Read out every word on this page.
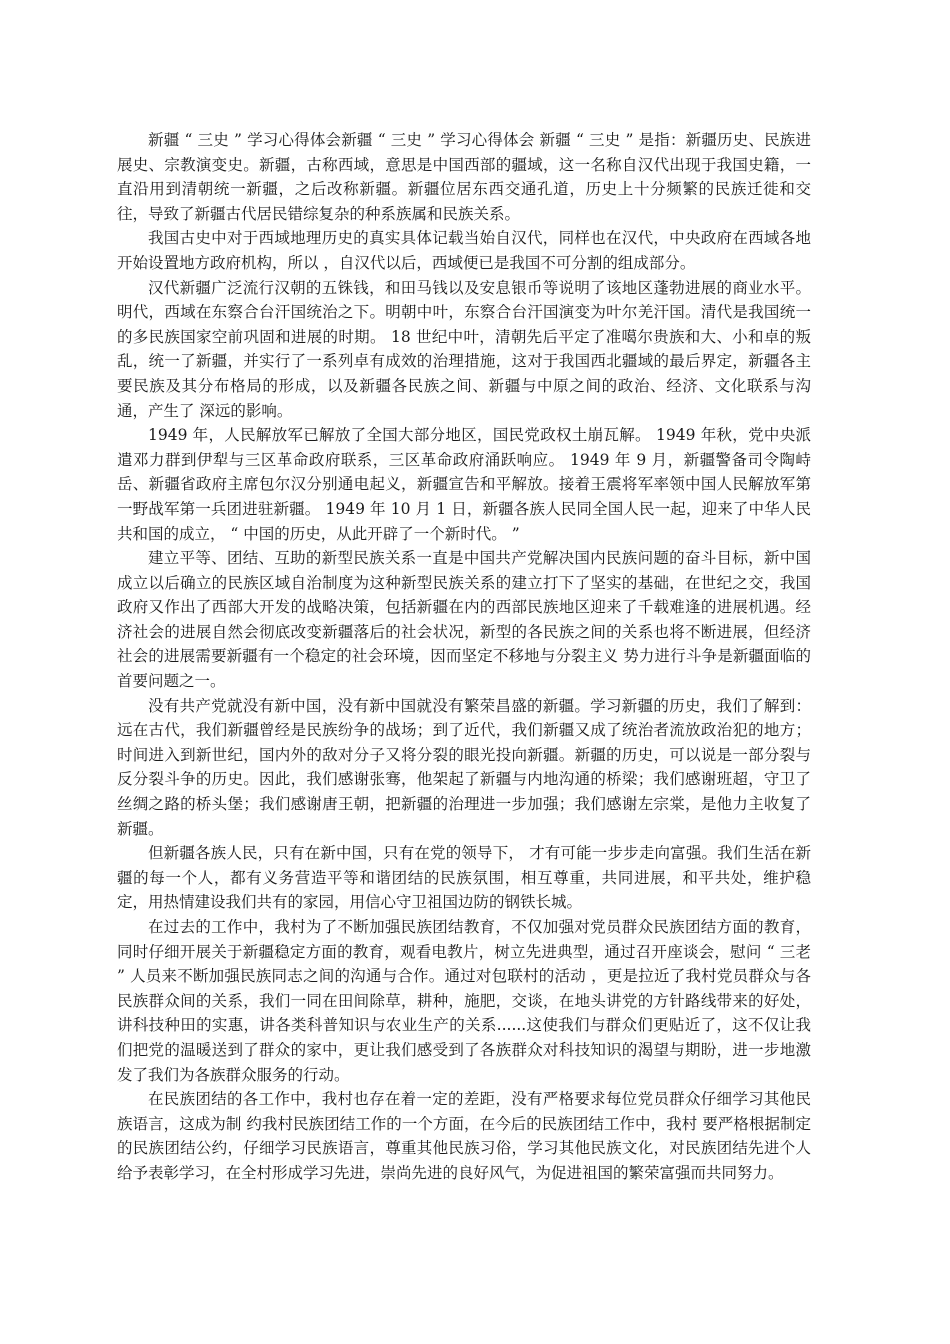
新疆 “ 三史 ” 学习心得体会新疆 “ 三史 ” 学习心得体会 新疆 “ 三史 ” 是指：新疆历史、民族进展史、宗教演变史。新疆，古称西域，意思是中国西部的疆域，这一名称自汉代出现于我国史籍，一直沿用到清朝统一新疆，之后改称新疆。新疆位居东西交通孔道，历史上十分频繁的民族迁徙和交往，导致了新疆古代居民错综复杂的种系族属和民族关系。

我国古史中对于西域地理历史的真实具体记载当始自汉代，同样也在汉代，中央政府在西域各地开始设置地方政府机构，所以 ，自汉代以后，西域便已是我国不可分割的组成部分。

汉代新疆广泛流行汉朝的五铢钱，和田马钱以及安息银币等说明了该地区蓬勃进展的商业水平。明代，西域在东察合台汗国统治之下。明朝中叶，东察合台汗国演变为叶尔羌汗国。清代是我国统一的多民族国家空前巩固和进展的时期。 18 世纪中叶，清朝先后平定了准噶尔贵族和大、小和卓的叛乱，统一了新疆，并实行了一系列卓有成效的治理措施，这对于我国西北疆域的最后界定，新疆各主要民族及其分布格局的形成，以及新疆各民族之间、新疆与中原之间的政治、经济、文化联系与沟通，产生了 深远的影响。

1949 年，人民解放军已解放了全国大部分地区，国民党政权土崩瓦解。 1949 年秋，党中央派遣邓力群到伊犁与三区革命政府联系，三区革命政府涌跃响应。 1949 年 9 月，新疆警备司令陶峙岳、新疆省政府主席包尔汉分别通电起义，新疆宣告和平解放。接着王震将军率领中国人民解放军第一野战军第一兵团进驻新疆。 1949 年 10 月 1 日，新疆各族人民同全国人民一起，迎来了中华人民共和国的成立， “ 中国的历史，从此开辟了一个新时代。 ”

建立平等、团结、互助的新型民族关系一直是中国共产党解决国内民族问题的奋斗目标，新中国成立以后确立的民族区域自治制度为这种新型民族关系的建立打下了坚实的基础，在世纪之交，我国政府又作出了西部大开发的战略决策，包括新疆在内的西部民族地区迎来了千载难逢的进展机遇。经济社会的进展自然会彻底改变新疆落后的社会状况，新型的各民族之间的关系也将不断进展，但经济社会的进展需要新疆有一个稳定的社会环境，因而坚定不移地与分裂主义 势力进行斗争是新疆面临的首要问题之一。

没有共产党就没有新中国，没有新中国就没有繁荣昌盛的新疆。学习新疆的历史，我们了解到：远在古代，我们新疆曾经是民族纷争的战场；到了近代，我们新疆又成了统治者流放政治犯的地方；时间进入到新世纪，国内外的敌对分子又将分裂的眼光投向新疆。新疆的历史，可以说是一部分裂与反分裂斗争的历史。因此，我们感谢张骞，他架起了新疆与内地沟通的桥梁；我们感谢班超，守卫了丝绸之路的桥头堡；我们感谢唐王朝，把新疆的治理进一步加强；我们感谢左宗棠，是他力主收复了新疆。

但新疆各族人民，只有在新中国，只有在党的领导下， 才有可能一步步走向富强。我们生活在新疆的每一个人，都有义务营造平等和谐团结的民族氛围，相互尊重，共同进展，和平共处，维护稳定，用热情建设我们共有的家园，用信心守卫祖国边防的钢铁长城。

在过去的工作中，我村为了不断加强民族团结教育，不仅加强对党员群众民族团结方面的教育，同时仔细开展关于新疆稳定方面的教育，观看电教片，树立先进典型，通过召开座谈会，慰问 “ 三老 ” 人员来不断加强民族同志之间的沟通与合作。通过对包联村的活动 ，更是拉近了我村党员群众与各民族群众间的关系，我们一同在田间除草，耕种，施肥，交谈，在地头讲党的方针路线带来的好处，讲科技种田的实惠，讲各类科普知识与农业生产的关系......这使我们与群众们更贴近了，这不仅让我们把党的温暖送到了群众的家中，更让我们感受到了各族群众对科技知识的渴望与期盼，进一步地激发了我们为各族群众服务的行动。

在民族团结的各工作中，我村也存在着一定的差距，没有严格要求每位党员群众仔细学习其他民族语言，这成为制 约我村民族团结工作的一个方面，在今后的民族团结工作中，我村 要严格根据制定的民族团结公约，仔细学习民族语言，尊重其他民族习俗，学习其他民族文化，对民族团结先进个人给予表彰学习，在全村形成学习先进，崇尚先进的良好风气，为促进祖国的繁荣富强而共同努力。
